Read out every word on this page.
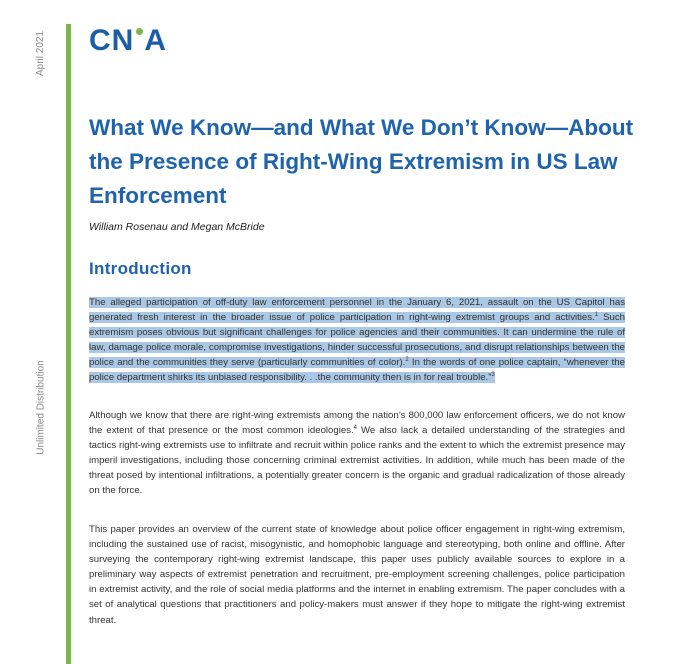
April 2021
Unlimited Distribution
CN A
What We Know—and What We Don’t Know—About the Presence of Right-Wing Extremism in US Law Enforcement

William Rosenau and Megan McBride

Introduction

The alleged participation of off-duty law enforcement personnel in the January 6, 2021, assault on the US Capitol has generated fresh interest in the broader issue of police participation in right-wing extremist groups and activities.$^1$ Such extremism poses obvious but significant challenges for police agencies and their communities. It can undermine the rule of law, damage police morale, compromise investigations, hinder successful prosecutions, and disrupt relationships between the police and the communities they serve (particularly communities of color).$^2$ In the words of one police captain, “whenever the police department shirks its unbiased responsibility. . .the community then is in for real trouble.”$^3$

Although we know that there are right-wing extremists among the nation’s 800,000 law enforcement officers, we do not know the extent of that presence or the most common ideologies.$^4$ We also lack a detailed understanding of the strategies and tactics right-wing extremists use to infiltrate and recruit within police ranks and the extent to which the extremist presence may imperil investigations, including those concerning criminal extremist activities. In addition, while much has been made of the threat posed by intentional infiltrations, a potentially greater concern is the organic and gradual radicalization of those already on the force.

This paper provides an overview of the current state of knowledge about police officer engagement in right-wing extremism, including the sustained use of racist, misogynistic, and homophobic language and stereotyping, both online and offline. After surveying the contemporary right-wing extremist landscape, this paper uses publicly available sources to explore in a preliminary way aspects of extremist penetration and recruitment, pre-employment screening challenges, police participation in extremist activity, and the role of social media platforms and the internet in enabling extremism. The paper concludes with a set of analytical questions that practitioners and policy-makers must answer if they hope to mitigate the right-wing extremist threat.
